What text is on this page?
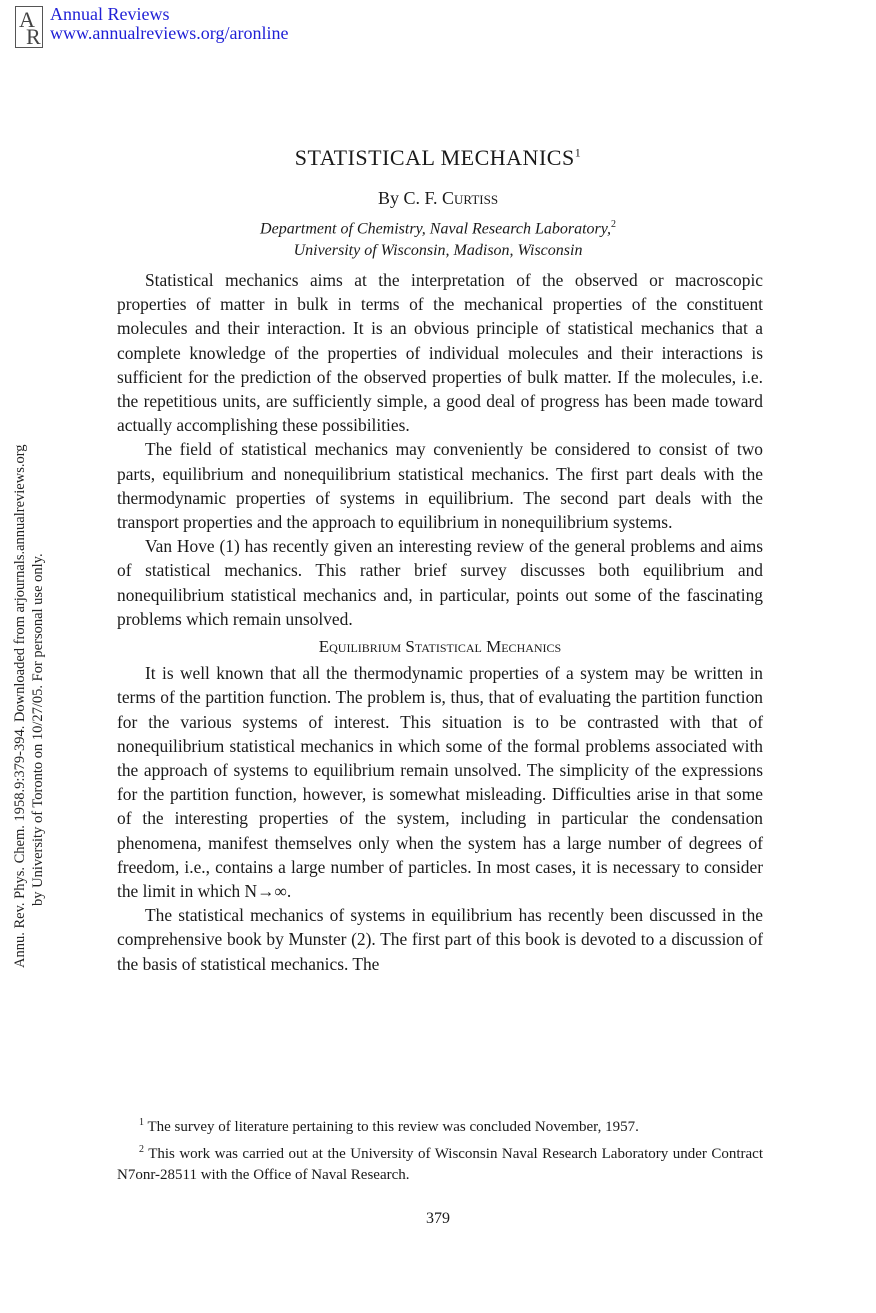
A
R
Annual Reviews
www.annualreviews.org/aronline
Annu. Rev. Phys. Chem. 1958.9:379-394. Downloaded from arjournals.annualreviews.org by University of Toronto on 10/27/05. For personal use only.
STATISTICAL MECHANICS$^1$
By C. F. Curtiss
Department of Chemistry, Naval Research Laboratory,$^2$
University of Wisconsin, Madison, Wisconsin

Statistical mechanics aims at the interpretation of the observed or macroscopic properties of matter in bulk in terms of the mechanical properties of the constituent molecules and their interaction. It is an obvious principle of statistical mechanics that a complete knowledge of the properties of individual molecules and their interactions is sufficient for the prediction of the observed properties of bulk matter. If the molecules, i.e. the repetitious units, are sufficiently simple, a good deal of progress has been made toward actually accomplishing these possibilities.

The field of statistical mechanics may conveniently be considered to consist of two parts, equilibrium and nonequilibrium statistical mechanics. The first part deals with the thermodynamic properties of systems in equilibrium. The second part deals with the transport properties and the approach to equilibrium in nonequilibrium systems.

Van Hove (1) has recently given an interesting review of the general problems and aims of statistical mechanics. This rather brief survey discusses both equilibrium and nonequilibrium statistical mechanics and, in particular, points out some of the fascinating problems which remain unsolved.

Equilibrium Statistical Mechanics

It is well known that all the thermodynamic properties of a system may be written in terms of the partition function. The problem is, thus, that of evaluating the partition function for the various systems of interest. This situation is to be contrasted with that of nonequilibrium statistical mechanics in which some of the formal problems associated with the approach of systems to equilibrium remain unsolved. The simplicity of the expressions for the partition function, however, is somewhat misleading. Difficulties arise in that some of the interesting properties of the system, including in particular the condensation phenomena, manifest themselves only when the system has a large number of degrees of freedom, i.e., contains a large number of particles. In most cases, it is necessary to consider the limit in which N→∞.

The statistical mechanics of systems in equilibrium has recently been discussed in the comprehensive book by Munster (2). The first part of this book is devoted to a discussion of the basis of statistical mechanics. The

$^1$ The survey of literature pertaining to this review was concluded November, 1957.

$^2$ This work was carried out at the University of Wisconsin Naval Research Laboratory under Contract N7onr-28511 with the Office of Naval Research.

379
